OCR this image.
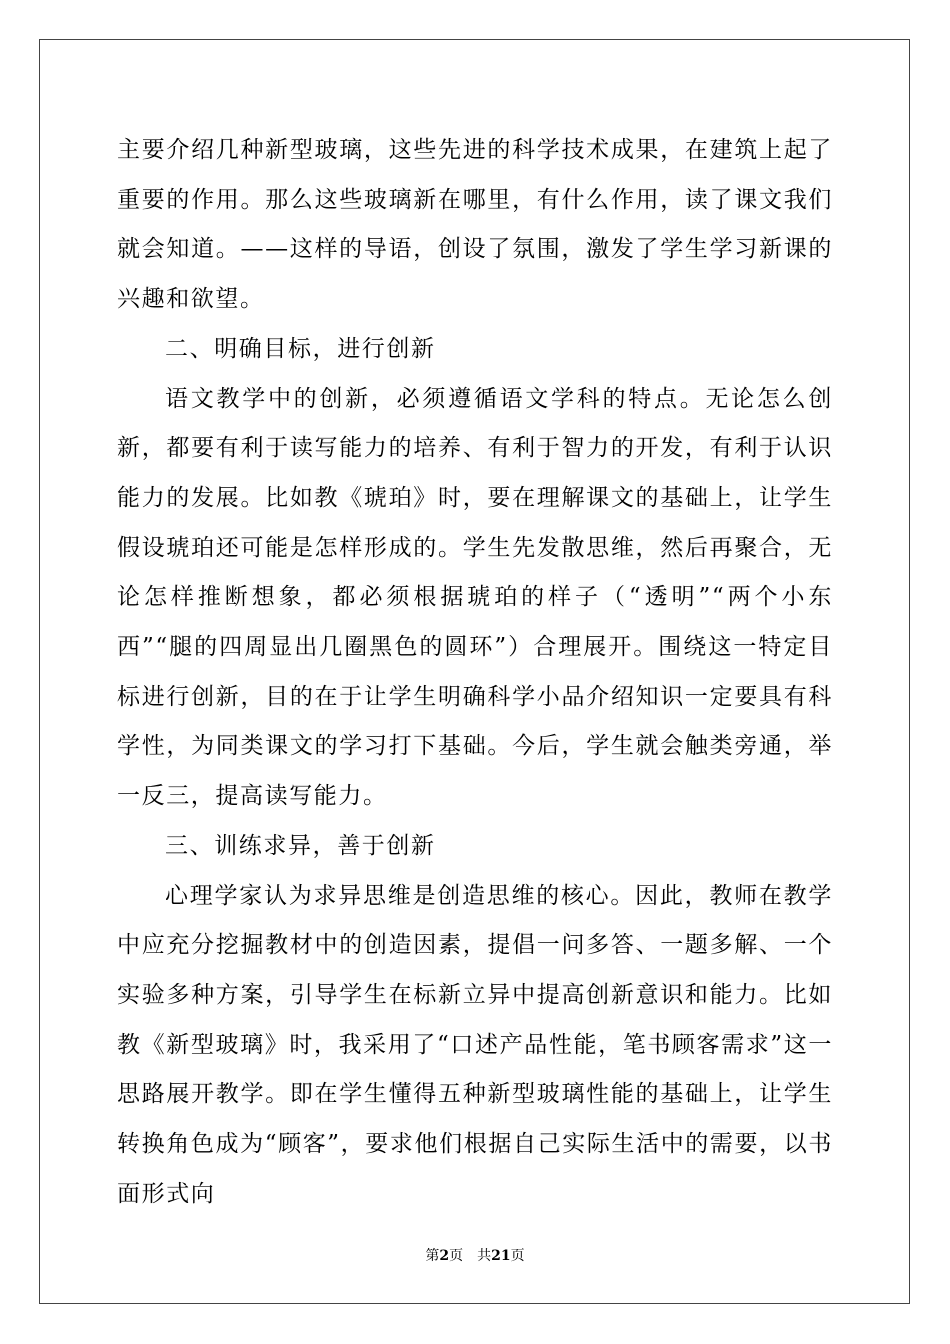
主要介绍几种新型玻璃，这些先进的科学技术成果，在建筑上起了重要的作用。那么这些玻璃新在哪里，有什么作用，读了课文我们就会知道。——这样的导语，创设了氛围，激发了学生学习新课的兴趣和欲望。

二、明确目标，进行创新

语文教学中的创新，必须遵循语文学科的特点。无论怎么创新，都要有利于读写能力的培养、有利于智力的开发，有利于认识能力的发展。比如教《琥珀》时，要在理解课文的基础上，让学生假设琥珀还可能是怎样形成的。学生先发散思维，然后再聚合，无论怎样推断想象，都必须根据琥珀的样子（“透明”“两个小东西”“腿的四周显出几圈黑色的圆环”）合理展开。围绕这一特定目标进行创新，目的在于让学生明确科学小品介绍知识一定要具有科学性，为同类课文的学习打下基础。今后，学生就会触类旁通，举一反三，提高读写能力。

三、训练求异，善于创新

心理学家认为求异思维是创造思维的核心。因此，教师在教学中应充分挖掘教材中的创造因素，提倡一问多答、一题多解、一个实验多种方案，引导学生在标新立异中提高创新意识和能力。比如教《新型玻璃》时，我采用了“口述产品性能，笔书顾客需求”这一思路展开教学。即在学生懂得五种新型玻璃性能的基础上，让学生转换角色成为“顾客”，要求他们根据自己实际生活中的需要，以书面形式向

第2页 共21页
